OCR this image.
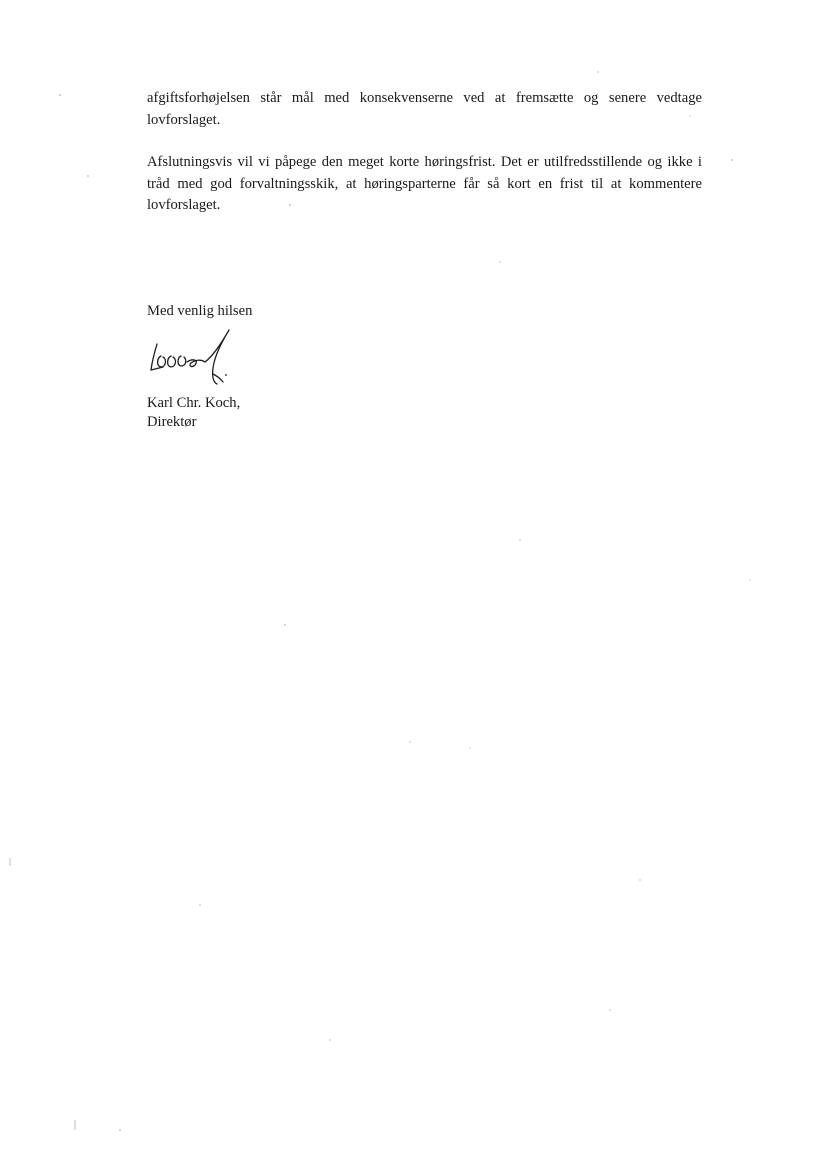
afgiftsforhøjelsen står mål med konsekvenserne ved at fremsætte og senere vedtage lovforslaget.

Afslutningsvis vil vi påpege den meget korte høringsfrist. Det er utilfredsstillende og ikke i tråd med god forvaltningsskik, at høringsparterne får så kort en frist til at kommentere lovforslaget.

Med venlig hilsen
Karl Chr. Koch,
Direktør
